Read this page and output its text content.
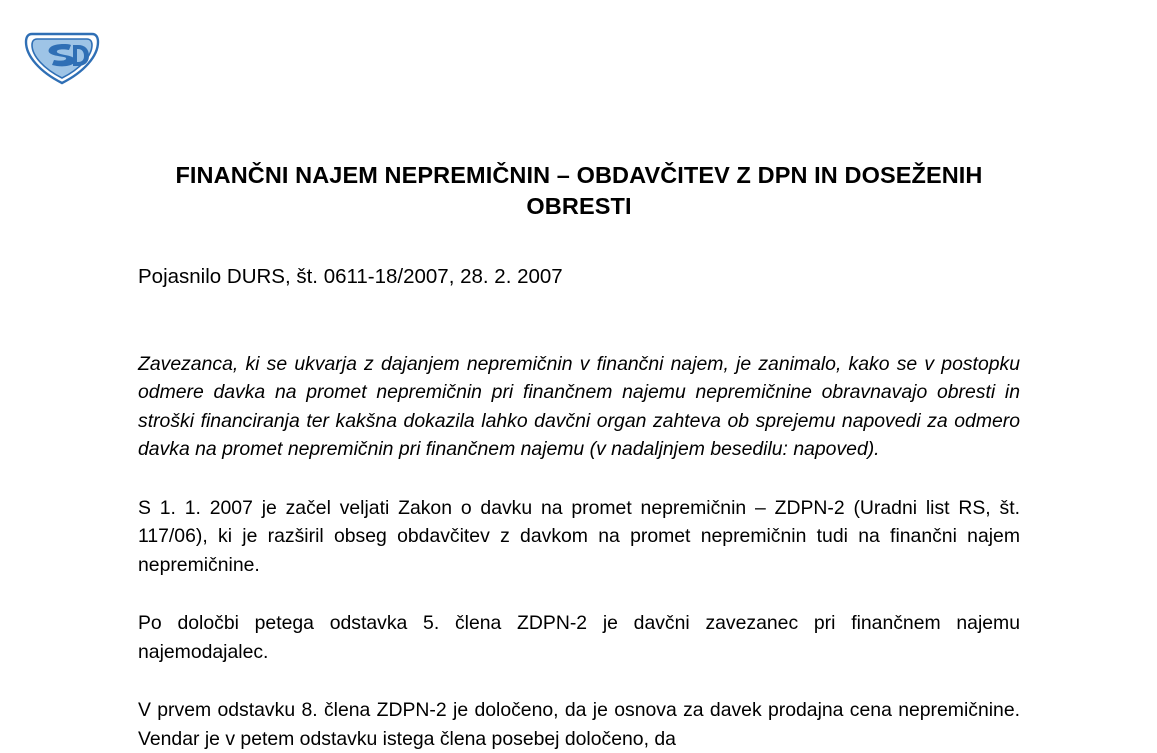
FINANČNI NAJEM NEPREMIČNIN – OBDAVČITEV Z DPN IN DOSEŽENIH OBRESTI
Pojasnilo DURS, št. 0611-18/2007, 28. 2. 2007

Zavezanca, ki se ukvarja z dajanjem nepremičnin v finančni najem, je zanimalo, kako se v postopku odmere davka na promet nepremičnin pri finančnem najemu nepremičnine obravnavajo obresti in stroški financiranja ter kakšna dokazila lahko davčni organ zahteva ob sprejemu napovedi za odmero davka na promet nepremičnin pri finančnem najemu (v nadaljnjem besedilu: napoved).

S 1. 1. 2007 je začel veljati Zakon o davku na promet nepremičnin – ZDPN-2 (Uradni list RS, št. 117/06), ki je razširil obseg obdavčitev z davkom na promet nepremičnin tudi na finančni najem nepremičnine.

Po določbi petega odstavka 5. člena ZDPN-2 je davčni zavezanec pri finančnem najemu najemodajalec.

V prvem odstavku 8. člena ZDPN-2 je določeno, da je osnova za davek prodajna cena nepremičnine. Vendar je v petem odstavku istega člena posebej določeno, da
